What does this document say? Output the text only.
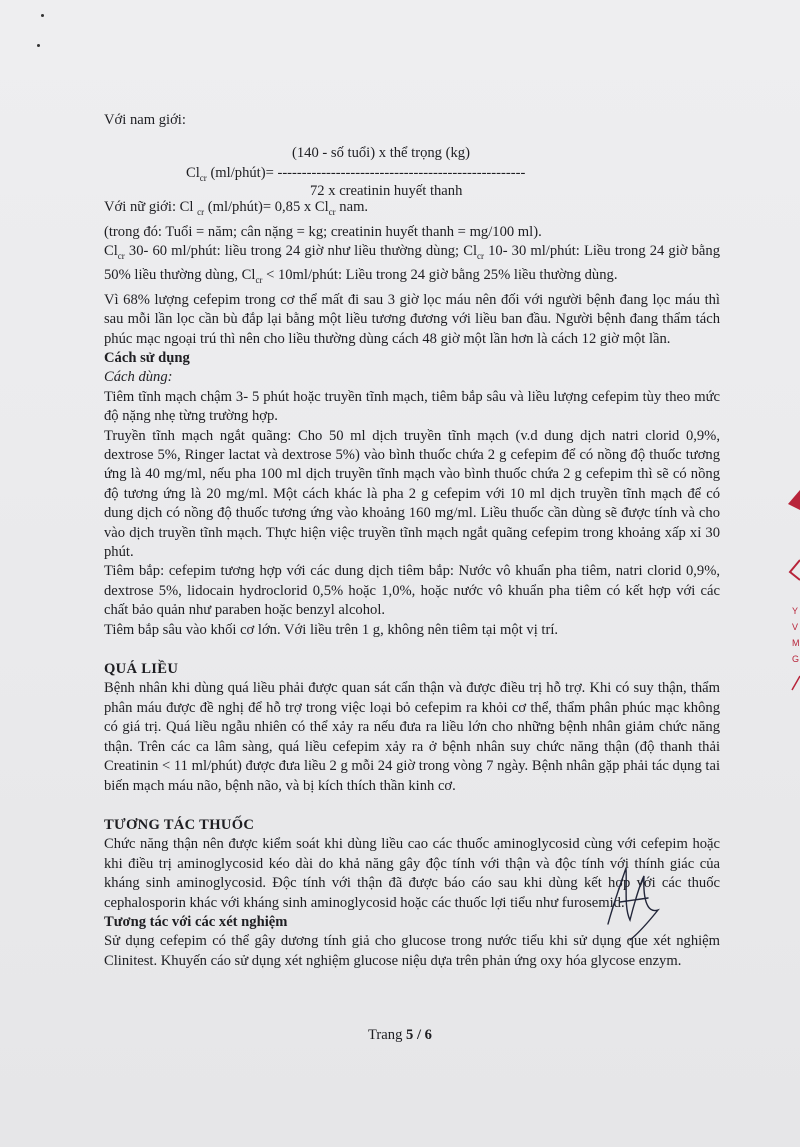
Với nam giới:

(140 - số tuổi) x thể trọng (kg)
$Cl_{cr}$ (ml/phút)= ---------------------------------------------------
72 x creatinin huyết thanh

Với nữ giới: Cl $_{cr}$ (ml/phút)= 0,85 x $Cl_{cr}$ nam.

(trong đó: Tuổi = năm; cân nặng = kg; creatinin huyết thanh = mg/100 ml).

$Cl_{cr}$ 30- 60 ml/phút: liều trong 24 giờ như liều thường dùng; $Cl_{cr}$ 10- 30 ml/phút: Liều trong 24 giờ bằng 50% liều thường dùng, $Cl_{cr}$ < 10ml/phút: Liều trong 24 giờ bằng 25% liều thường dùng.

Vì 68% lượng cefepim trong cơ thể mất đi sau 3 giờ lọc máu nên đối với người bệnh đang lọc máu thì sau mỗi lần lọc cần bù đắp lại bằng một liều tương đương với liều ban đầu. Người bệnh đang thẩm tách phúc mạc ngoại trú thì nên cho liều thường dùng cách 48 giờ một lần hơn là cách 12 giờ một lần.

Cách sử dụng

Cách dùng:

Tiêm tĩnh mạch chậm 3- 5 phút hoặc truyền tĩnh mạch, tiêm bắp sâu và liều lượng cefepim tùy theo mức độ nặng nhẹ từng trường hợp.

Truyền tĩnh mạch ngắt quãng: Cho 50 ml dịch truyền tĩnh mạch (v.d dung dịch natri clorid 0,9%, dextrose 5%, Ringer lactat và dextrose 5%) vào bình thuốc chứa 2 g cefepim để có nồng độ thuốc tương ứng là 40 mg/ml, nếu pha 100 ml dịch truyền tĩnh mạch vào bình thuốc chứa 2 g cefepim thì sẽ có nồng độ tương ứng là 20 mg/ml. Một cách khác là pha 2 g cefepim với 10 ml dịch truyền tĩnh mạch để có dung dịch có nồng độ thuốc tương ứng vào khoảng 160 mg/ml. Liều thuốc cần dùng sẽ được tính và cho vào dịch truyền tĩnh mạch. Thực hiện việc truyền tĩnh mạch ngắt quãng cefepim trong khoảng xấp xỉ 30 phút.

Tiêm bắp: cefepim tương hợp với các dung dịch tiêm bắp: Nước vô khuẩn pha tiêm, natri clorid 0,9%, dextrose 5%, lidocain hydroclorid 0,5% hoặc 1,0%, hoặc nước vô khuẩn pha tiêm có kết hợp với các chất bảo quản như paraben hoặc benzyl alcohol.

Tiêm bắp sâu vào khối cơ lớn. Với liều trên 1 g, không nên tiêm tại một vị trí.

QUÁ LIỀU

Bệnh nhân khi dùng quá liều phải được quan sát cẩn thận và được điều trị hỗ trợ. Khi có suy thận, thẩm phân máu được đề nghị để hỗ trợ trong việc loại bỏ cefepim ra khỏi cơ thể, thẩm phân phúc mạc không có giá trị. Quá liều ngẫu nhiên có thể xảy ra nếu đưa ra liều lớn cho những bệnh nhân giảm chức năng thận. Trên các ca lâm sàng, quá liều cefepim xảy ra ở bệnh nhân suy chức năng thận (độ thanh thải Creatinin < 11 ml/phút) được đưa liều 2 g mỗi 24 giờ trong vòng 7 ngày. Bệnh nhân gặp phải tác dụng tai biến mạch máu não, bệnh não, và bị kích thích thần kinh cơ.

TƯƠNG TÁC THUỐC

Chức năng thận nên được kiểm soát khi dùng liều cao các thuốc aminoglycosid cùng với cefepim hoặc khi điều trị aminoglycosid kéo dài do khả năng gây độc tính với thận và độc tính với thính giác của kháng sinh aminoglycosid. Độc tính với thận đã được báo cáo sau khi dùng kết hợp với các thuốc cephalosporin khác với kháng sinh aminoglycosid hoặc các thuốc lợi tiểu như furosemid.

Tương tác với các xét nghiệm

Sử dụng cefepim có thể gây dương tính giả cho glucose trong nước tiểu khi sử dụng que xét nghiệm Clinitest. Khuyến cáo sử dụng xét nghiệm glucose niệu dựa trên phản ứng oxy hóa glycose enzym.

Trang 5 / 6
Y
V
M
G
